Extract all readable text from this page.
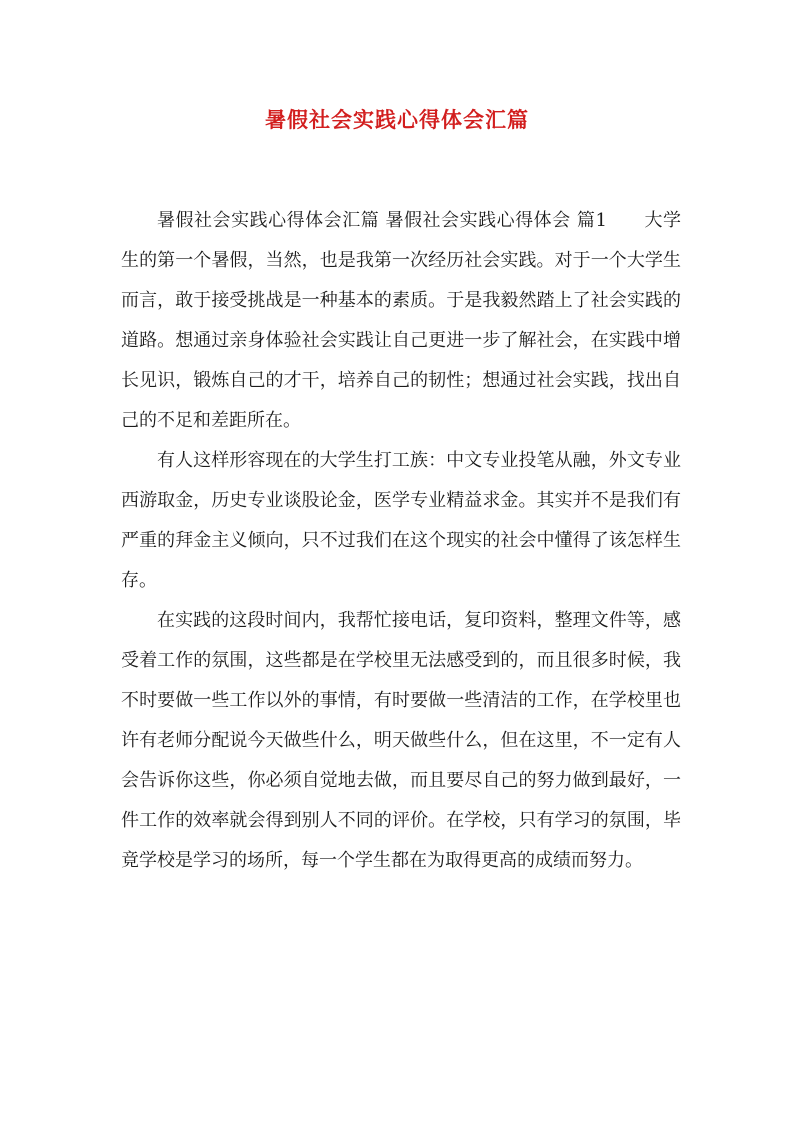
暑假社会实践心得体会汇篇

暑假社会实践心得体会汇篇 暑假社会实践心得体会 篇1　　大学生的第一个暑假，当然，也是我第一次经历社会实践。对于一个大学生而言，敢于接受挑战是一种基本的素质。于是我毅然踏上了社会实践的道路。想通过亲身体验社会实践让自己更进一步了解社会，在实践中增长见识，锻炼自己的才干，培养自己的韧性；想通过社会实践，找出自己的不足和差距所在。

有人这样形容现在的大学生打工族：中文专业投笔从融，外文专业西游取金，历史专业谈股论金，医学专业精益求金。其实并不是我们有严重的拜金主义倾向，只不过我们在这个现实的社会中懂得了该怎样生存。

在实践的这段时间内，我帮忙接电话，复印资料，整理文件等，感受着工作的氛围，这些都是在学校里无法感受到的，而且很多时候，我不时要做一些工作以外的事情，有时要做一些清洁的工作，在学校里也许有老师分配说今天做些什么，明天做些什么，但在这里，不一定有人会告诉你这些，你必须自觉地去做，而且要尽自己的努力做到最好，一件工作的效率就会得到别人不同的评价。在学校，只有学习的氛围，毕竟学校是学习的场所，每一个学生都在为取得更高的成绩而努力。
